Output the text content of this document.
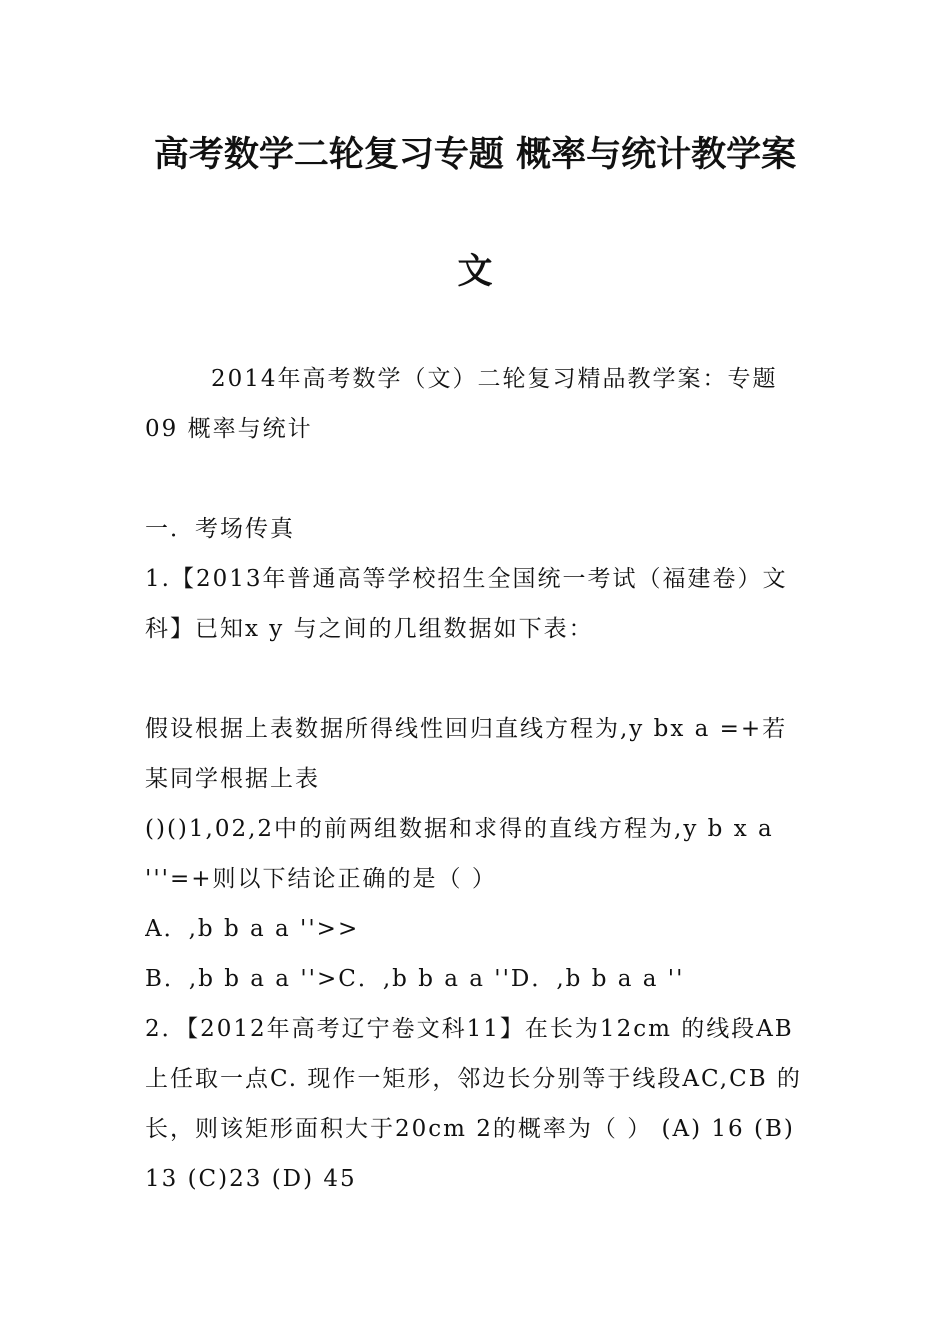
高考数学二轮复习专题 概率与统计教学案
文
2014年高考数学（文）二轮复习精品教学案：专题
09 概率与统计
一．考场传真
1.【2013年普通高等学校招生全国统一考试（福建卷）文
科】已知x y 与之间的几组数据如下表：
假设根据上表数据所得线性回归直线方程为,y bx a =+若
某同学根据上表
()()1,02,2中的前两组数据和求得的直线方程为,y b x a
'''=+则以下结论正确的是（ ）
A．,b b a a ''>>
B．,b b a a ''>C．,b b a a ''D．,b b a a ''
2．【2012年高考辽宁卷文科11】在长为12cm 的线段AB
上任取一点C. 现作一矩形，邻边长分别等于线段AC,CB 的
长，则该矩形面积大于20cm 2的概率为（ ） (A) 16 (B)
13 (C)23 (D) 45
